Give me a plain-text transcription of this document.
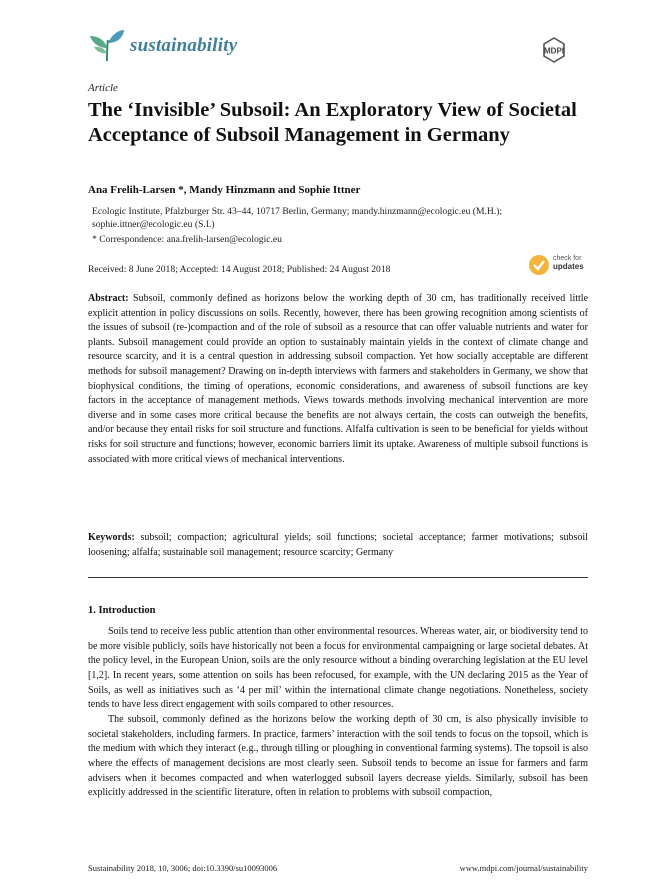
sustainability	MDPI
Article
The ‘Invisible’ Subsoil: An Exploratory View of Societal Acceptance of Subsoil Management in Germany
Ana Frelih-Larsen *, Mandy Hinzmann and Sophie Ittner
Ecologic Institute, Pfalzburger Str. 43–44, 10717 Berlin, Germany; mandy.hinzmann@ecologic.eu (M.H.); sophie.ittner@ecologic.eu (S.I.)
* Correspondence: ana.frelih-larsen@ecologic.eu
Received: 8 June 2018; Accepted: 14 August 2018; Published: 24 August 2018
check for
updates
Abstract: Subsoil, commonly defined as horizons below the working depth of 30 cm, has traditionally received little explicit attention in policy discussions on soils. Recently, however, there has been growing recognition among scientists of the issues of subsoil (re-)compaction and of the role of subsoil as a resource that can offer valuable nutrients and water for plants. Subsoil management could provide an option to sustainably maintain yields in the context of climate change and resource scarcity, and it is a central question in addressing subsoil compaction. Yet how socially acceptable are different methods for subsoil management? Drawing on in-depth interviews with farmers and stakeholders in Germany, we show that biophysical conditions, the timing of operations, economic considerations, and awareness of subsoil functions are key factors in the acceptance of management methods. Views towards methods involving mechanical intervention are more diverse and in some cases more critical because the benefits are not always certain, the costs can outweigh the benefits, and/or because they entail risks for soil structure and functions. Alfalfa cultivation is seen to be beneficial for yields without risks for soil structure and functions; however, economic barriers limit its uptake. Awareness of multiple subsoil functions is associated with more critical views of mechanical interventions.
Keywords: subsoil; compaction; agricultural yields; soil functions; societal acceptance; farmer motivations; subsoil loosening; alfalfa; sustainable soil management; resource scarcity; Germany
1. Introduction

Soils tend to receive less public attention than other environmental resources. Whereas water, air, or biodiversity tend to be more visible publicly, soils have historically not been a focus for environmental campaigning or large societal debates. At the policy level, in the European Union, soils are the only resource without a binding overarching legislation at the EU level [1,2]. In recent years, some attention on soils has been refocused, for example, with the UN declaring 2015 as the Year of Soils, as well as initiatives such as ‘4 per mil’ within the international climate change negotiations. Nonetheless, society tends to have less direct engagement with soils compared to other resources.

The subsoil, commonly defined as the horizons below the working depth of 30 cm, is also physically invisible to societal stakeholders, including farmers. In practice, farmers’ interaction with the soil tends to focus on the topsoil, which is the medium with which they interact (e.g., through tilling or ploughing in conventional farming systems). The topsoil is also where the effects of management decisions are most clearly seen. Subsoil tends to become an issue for farmers and farm advisers when it becomes compacted and when waterlogged subsoil layers decrease yields. Similarly, subsoil has been explicitly addressed in the scientific literature, often in relation to problems with subsoil compaction,

Sustainability 2018, 10, 3006; doi:10.3390/su10093006	www.mdpi.com/journal/sustainability
